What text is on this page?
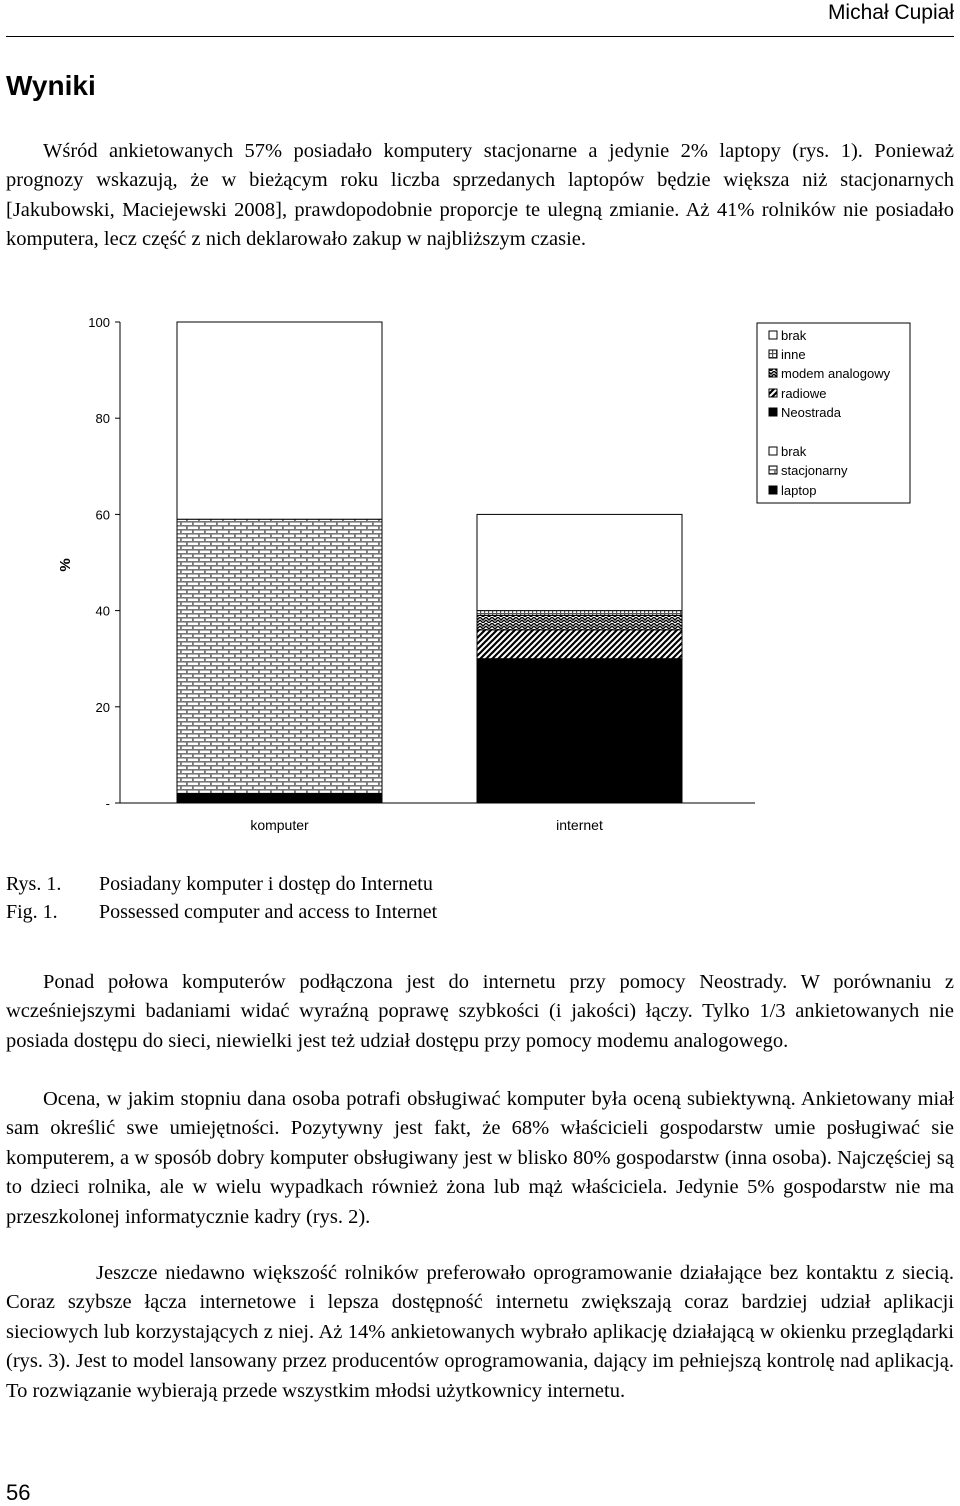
Michał Cupiał
Wyniki

Wśród ankietowanych 57% posiadało komputery stacjonarne a jedynie 2% laptopy (rys. 1). Ponieważ prognozy wskazują, że w bieżącym roku liczba sprzedanych laptopów będzie większa niż stacjonarnych [Jakubowski, Maciejewski 2008], prawdopodobnie proporcje te ulegną zmianie. Aż 41% rolników nie posiadało komputera, lecz część z nich deklarowało zakup w najbliższym czasie.

%
-
20
40
60
80
100
komputer	internet
brak
inne
modem analogowy
radiowe
Neostrada
brak
stacjonarny
laptop
Rys. 1. Posiadany komputer i dostęp do Internetu
Fig. 1. Possessed computer and access to Internet

Ponad połowa komputerów podłączona jest do internetu przy pomocy Neostrady. W porównaniu z wcześniejszymi badaniami widać wyraźną poprawę szybkości (i jakości) łączy. Tylko 1/3 ankietowanych nie posiada dostępu do sieci, niewielki jest też udział dostępu przy pomocy modemu analogowego.

Ocena, w jakim stopniu dana osoba potrafi obsługiwać komputer była oceną subiektywną. Ankietowany miał sam określić swe umiejętności. Pozytywny jest fakt, że 68% właścicieli gospodarstw umie posługiwać sie komputerem, a w sposób dobry komputer obsługiwany jest w blisko 80% gospodarstw (inna osoba). Najczęściej są to dzieci rolnika, ale w wielu wypadkach również żona lub mąż właściciela. Jedynie 5% gospodarstw nie ma przeszkolonej informatycznie kadry (rys. 2).

Jeszcze niedawno większość rolników preferowało oprogramowanie działające bez kontaktu z siecią. Coraz szybsze łącza internetowe i lepsza dostępność internetu zwiększają coraz bardziej udział aplikacji sieciowych lub korzystających z niej. Aż 14% ankietowanych wybrało aplikację działającą w okienku przeglądarki (rys. 3). Jest to model lansowany przez producentów oprogramowania, dający im pełniejszą kontrolę nad aplikacją. To rozwiązanie wybierają przede wszystkim młodsi użytkownicy internetu.

56
